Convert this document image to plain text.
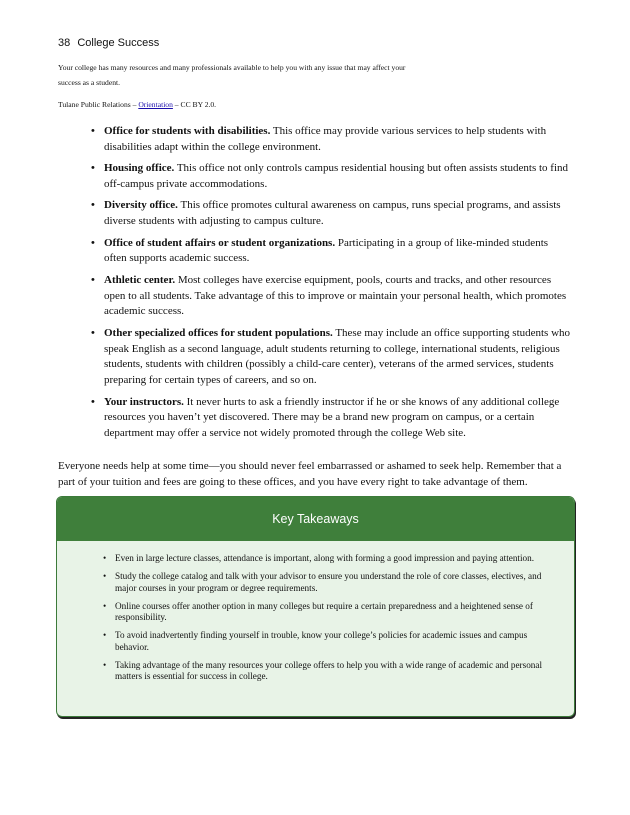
38 College Success
Your college has many resources and many professionals available to help you with any issue that may affect your success as a student.
Tulane Public Relations – Orientation – CC BY 2.0.
• Office for students with disabilities. This office may provide various services to help students with disabilities adapt within the college environment.
• Housing office. This office not only controls campus residential housing but often assists students to find off-campus private accommodations.
• Diversity office. This office promotes cultural awareness on campus, runs special programs, and assists diverse students with adjusting to campus culture.
• Office of student affairs or student organizations. Participating in a group of like-minded students often supports academic success.
• Athletic center. Most colleges have exercise equipment, pools, courts and tracks, and other resources open to all students. Take advantage of this to improve or maintain your personal health, which promotes academic success.
• Other specialized offices for student populations. These may include an office supporting students who speak English as a second language, adult students returning to college, international students, religious students, students with children (possibly a child-care center), veterans of the armed services, students preparing for certain types of careers, and so on.
• Your instructors. It never hurts to ask a friendly instructor if he or she knows of any additional college resources you haven’t yet discovered. There may be a brand new program on campus, or a certain department may offer a service not widely promoted through the college Web site.
Everyone needs help at some time—you should never feel embarrassed or ashamed to seek help. Remember that a part of your tuition and fees are going to these offices, and you have every right to take advantage of them.
Key Takeaways
• Even in large lecture classes, attendance is important, along with forming a good impression and paying attention.
• Study the college catalog and talk with your advisor to ensure you understand the role of core classes, electives, and major courses in your program or degree requirements.
• Online courses offer another option in many colleges but require a certain preparedness and a heightened sense of responsibility.
• To avoid inadvertently finding yourself in trouble, know your college’s policies for academic issues and campus behavior.
• Taking advantage of the many resources your college offers to help you with a wide range of academic and personal matters is essential for success in college.
